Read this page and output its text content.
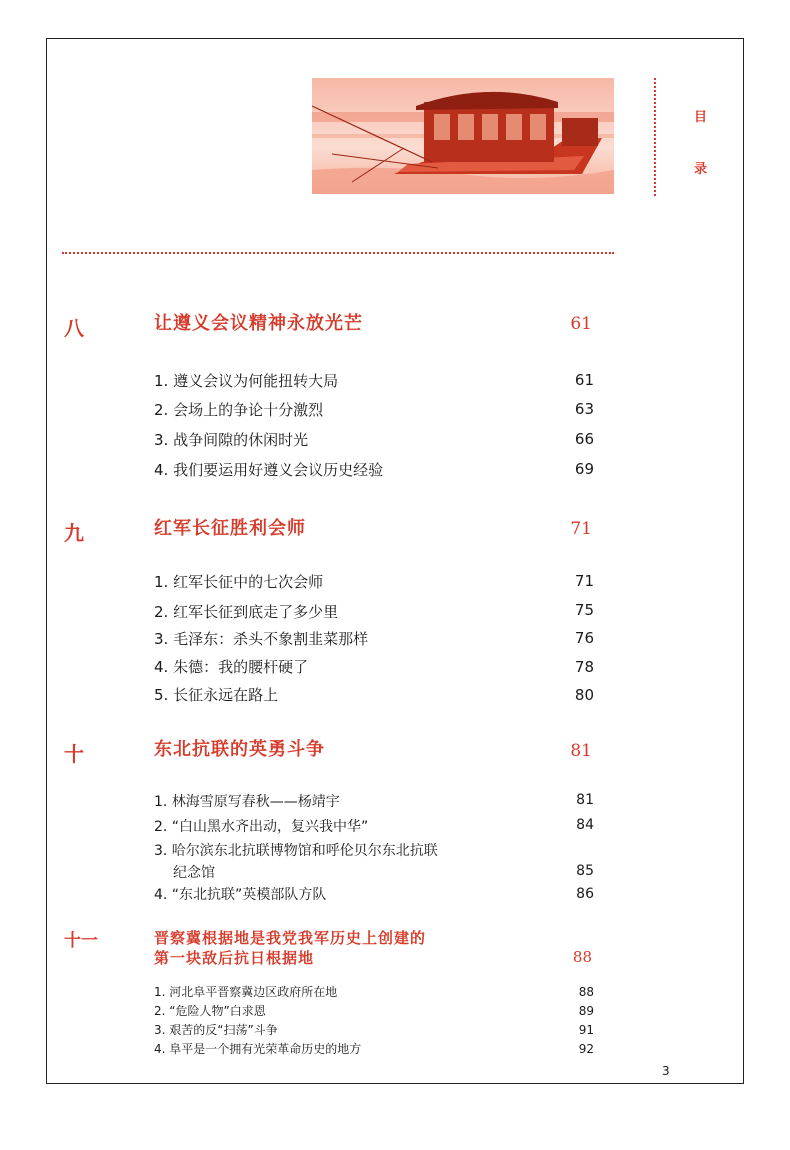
目
录
八	让遵义会议精神永放光芒	61
1. 遵义会议为何能扭转大局	61
2. 会场上的争论十分激烈	63
3. 战争间隙的休闲时光	66
4. 我们要运用好遵义会议历史经验	69
九	红军长征胜利会师	71
1. 红军长征中的七次会师	71
2. 红军长征到底走了多少里	75
3. 毛泽东：杀头不象割韭菜那样	76
4. 朱德：我的腰杆硬了	78
5. 长征永远在路上	80
十	东北抗联的英勇斗争	81
1. 林海雪原写春秋——杨靖宇	81
2. “白山黑水齐出动，复兴我中华”	84
3. 哈尔滨东北抗联博物馆和呼伦贝尔东北抗联
纪念馆	85
4. “东北抗联”英模部队方队	86
十一	晋察冀根据地是我党我军历史上创建的
第一块敌后抗日根据地	88
1. 河北阜平晋察冀边区政府所在地	88
2. “危险人物”白求恩	89
3. 艰苦的反“扫荡”斗争	91
4. 阜平是一个拥有光荣革命历史的地方	92
3
